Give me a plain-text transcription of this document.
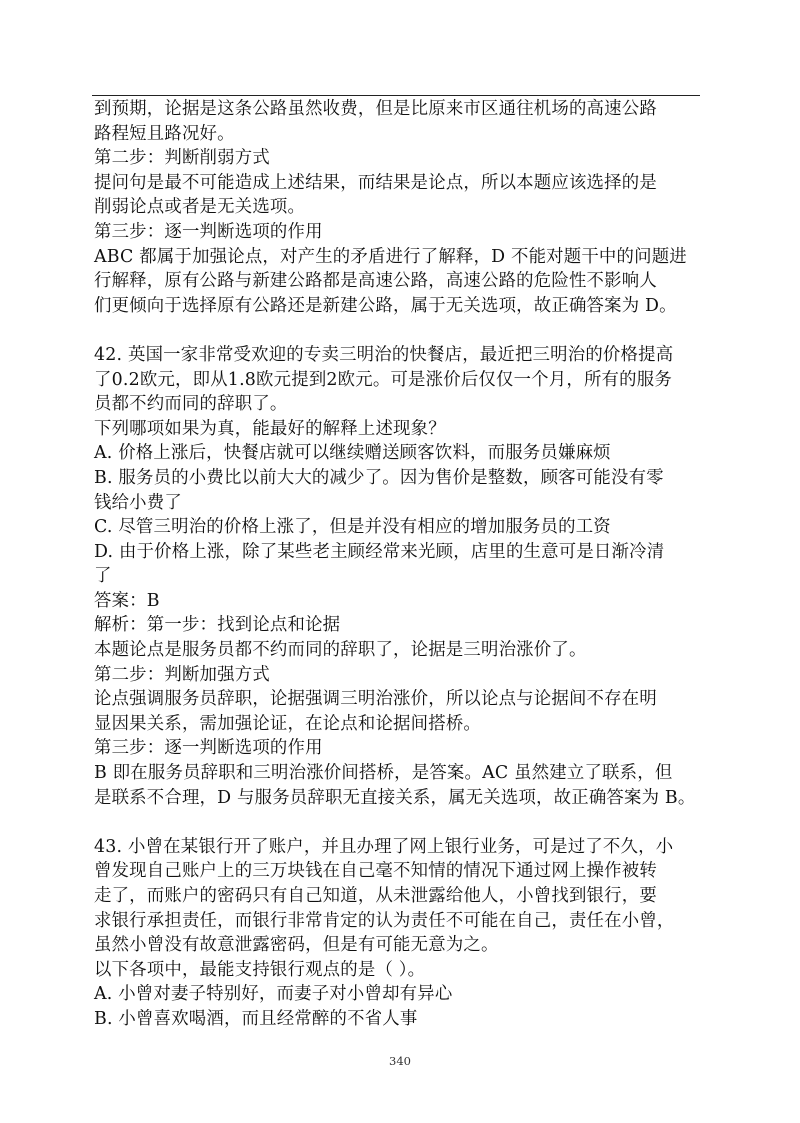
到预期，论据是这条公路虽然收费，但是比原来市区通往机场的高速公路
路程短且路况好。
第二步：判断削弱方式
提问句是最不可能造成上述结果，而结果是论点，所以本题应该选择的是
削弱论点或者是无关选项。
第三步：逐一判断选项的作用
ABC 都属于加强论点，对产生的矛盾进行了解释，D 不能对题干中的问题进
行解释，原有公路与新建公路都是高速公路，高速公路的危险性不影响人
们更倾向于选择原有公路还是新建公路，属于无关选项，故正确答案为 D。
42. 英国一家非常受欢迎的专卖三明治的快餐店，最近把三明治的价格提高
了0.2欧元，即从1.8欧元提到2欧元。可是涨价后仅仅一个月，所有的服务
员都不约而同的辞职了。
下列哪项如果为真，能最好的解释上述现象？
A. 价格上涨后，快餐店就可以继续赠送顾客饮料，而服务员嫌麻烦
B. 服务员的小费比以前大大的减少了。因为售价是整数，顾客可能没有零
钱给小费了
C. 尽管三明治的价格上涨了，但是并没有相应的增加服务员的工资
D. 由于价格上涨，除了某些老主顾经常来光顾，店里的生意可是日渐冷清
了
答案：B
解析：第一步：找到论点和论据
本题论点是服务员都不约而同的辞职了，论据是三明治涨价了。
第二步：判断加强方式
论点强调服务员辞职，论据强调三明治涨价，所以论点与论据间不存在明
显因果关系，需加强论证，在论点和论据间搭桥。
第三步：逐一判断选项的作用
B 即在服务员辞职和三明治涨价间搭桥，是答案。AC 虽然建立了联系，但
是联系不合理，D 与服务员辞职无直接关系，属无关选项，故正确答案为 B。
43. 小曾在某银行开了账户，并且办理了网上银行业务，可是过了不久，小
曾发现自己账户上的三万块钱在自己毫不知情的情况下通过网上操作被转
走了，而账户的密码只有自己知道，从未泄露给他人，小曾找到银行，要
求银行承担责任，而银行非常肯定的认为责任不可能在自己，责任在小曾，
虽然小曾没有故意泄露密码，但是有可能无意为之。
以下各项中，最能支持银行观点的是（ ）。
A. 小曾对妻子特别好，而妻子对小曾却有异心
B. 小曾喜欢喝酒，而且经常醉的不省人事
340
